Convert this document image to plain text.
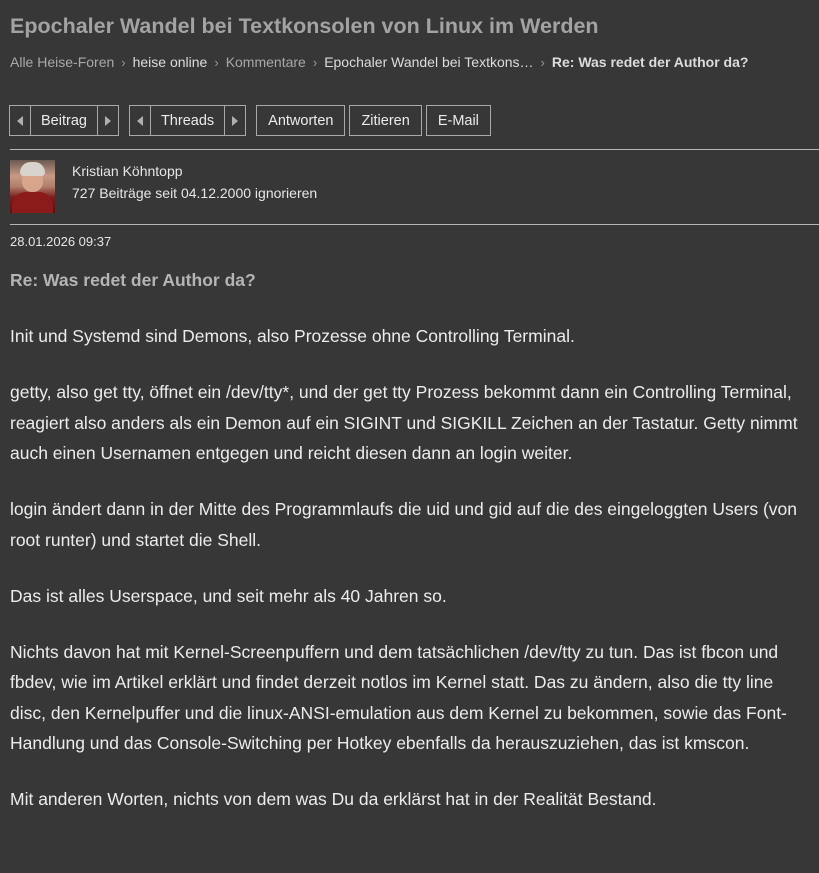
Epochaler Wandel bei Textkonsolen von Linux im Werden
Alle Heise-Foren › heise online › Kommentare › Epochaler Wandel bei Textkons… › Re: Was redet der Author da?
Beitrag	Threads	Antworten	Zitieren	E-Mail
Kristian Köhntopp
727 Beiträge seit 04.12.2000 ignorieren
28.01.2026 09:37
Re: Was redet der Author da?

Init und Systemd sind Demons, also Prozesse ohne Controlling Terminal.

getty, also get tty, öffnet ein /dev/tty*, und der get tty Prozess bekommt dann ein Controlling Terminal, reagiert also anders als ein Demon auf ein SIGINT und SIGKILL Zeichen an der Tastatur. Getty nimmt auch einen Usernamen entgegen und reicht diesen dann an login weiter.

login ändert dann in der Mitte des Programmlaufs die uid und gid auf die des eingeloggten Users (von root runter) und startet die Shell.

Das ist alles Userspace, und seit mehr als 40 Jahren so.

Nichts davon hat mit Kernel-Screenpuffern und dem tatsächlichen /dev/tty zu tun. Das ist fbcon und fbdev, wie im Artikel erklärt und findet derzeit notlos im Kernel statt. Das zu ändern, also die tty line disc, den Kernelpuffer und die linux-ANSI-emulation aus dem Kernel zu bekommen, sowie das Font-Handlung und das Console-Switching per Hotkey ebenfalls da herauszuziehen, das ist kmscon.

Mit anderen Worten, nichts von dem was Du da erklärst hat in der Realität Bestand.
